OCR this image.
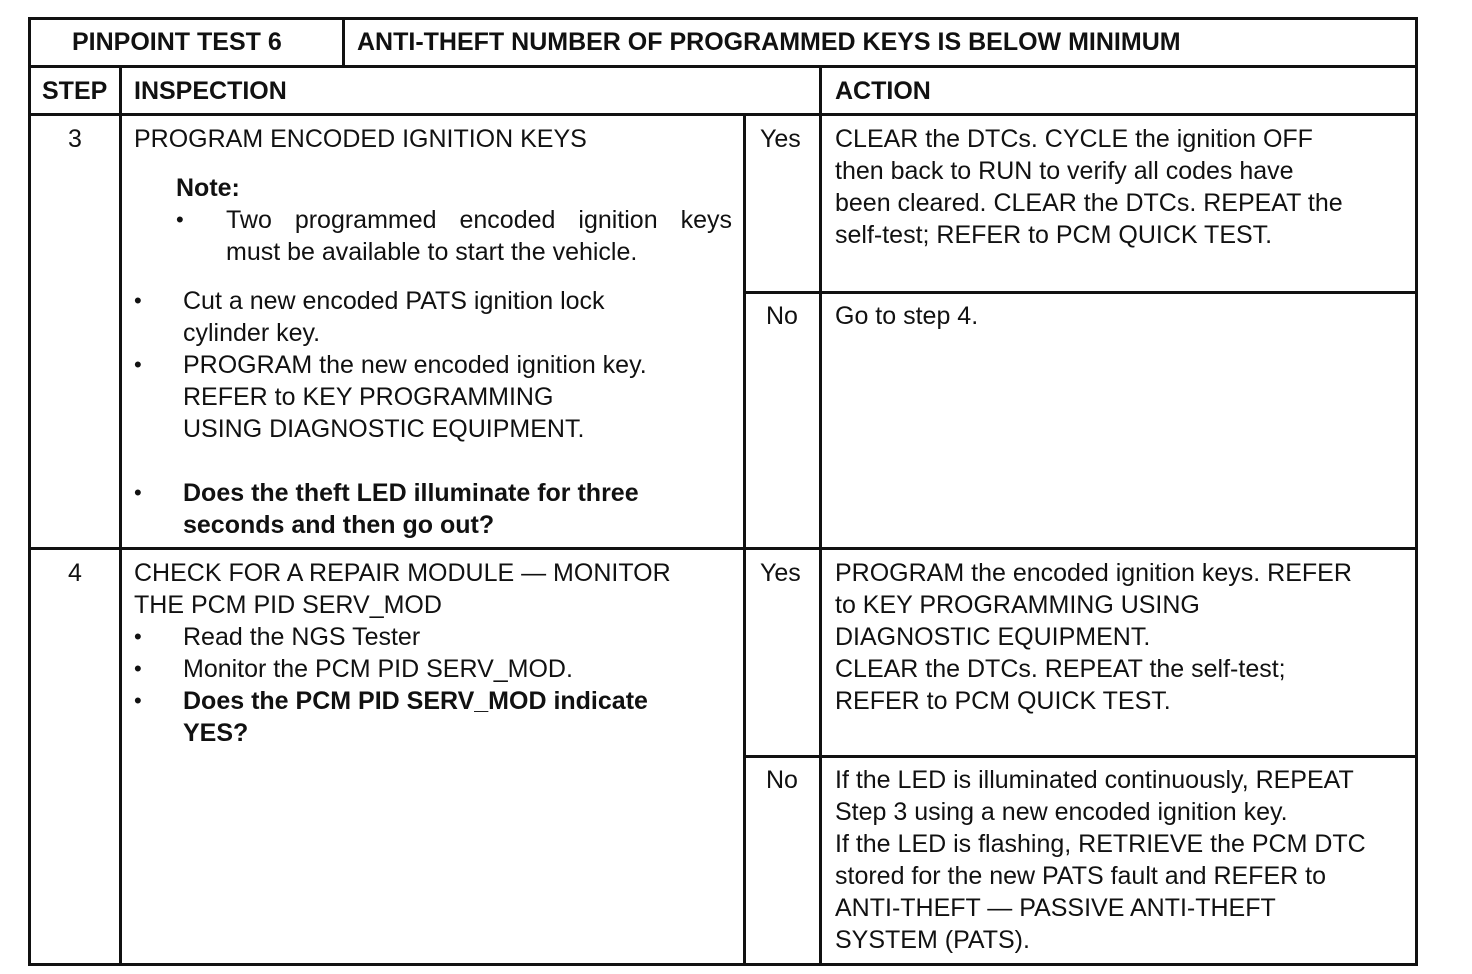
PINPOINT TEST 6	ANTI-THEFT NUMBER OF PROGRAMMED KEYS IS BELOW MINIMUM
STEP INSPECTION	ACTION
3 PROGRAM ENCODED IGNITION KEYS
Note:
• Two programmed encoded ignition keys
must be available to start the vehicle.
• Cut a new encoded PATS ignition lock
cylinder key.
• PROGRAM the new encoded ignition key.
REFER to KEY PROGRAMMING
USING DIAGNOSTIC EQUIPMENT.
• Does the theft LED illuminate for three
seconds and then go out?
Yes CLEAR the DTCs. CYCLE the ignition OFF
then back to RUN to verify all codes have
been cleared. CLEAR the DTCs. REPEAT the
self-test; REFER to PCM QUICK TEST.
No Go to step 4.
4 CHECK FOR A REPAIR MODULE — MONITOR
THE PCM PID SERV_MOD
• Read the NGS Tester
• Monitor the PCM PID SERV_MOD.
• Does the PCM PID SERV_MOD indicate
YES?
Yes PROGRAM the encoded ignition keys. REFER
to KEY PROGRAMMING USING
DIAGNOSTIC EQUIPMENT.
CLEAR the DTCs. REPEAT the self-test;
REFER to PCM QUICK TEST.
No If the LED is illuminated continuously, REPEAT
Step 3 using a new encoded ignition key.
If the LED is flashing, RETRIEVE the PCM DTC
stored for the new PATS fault and REFER to
ANTI-THEFT — PASSIVE ANTI-THEFT
SYSTEM (PATS).
